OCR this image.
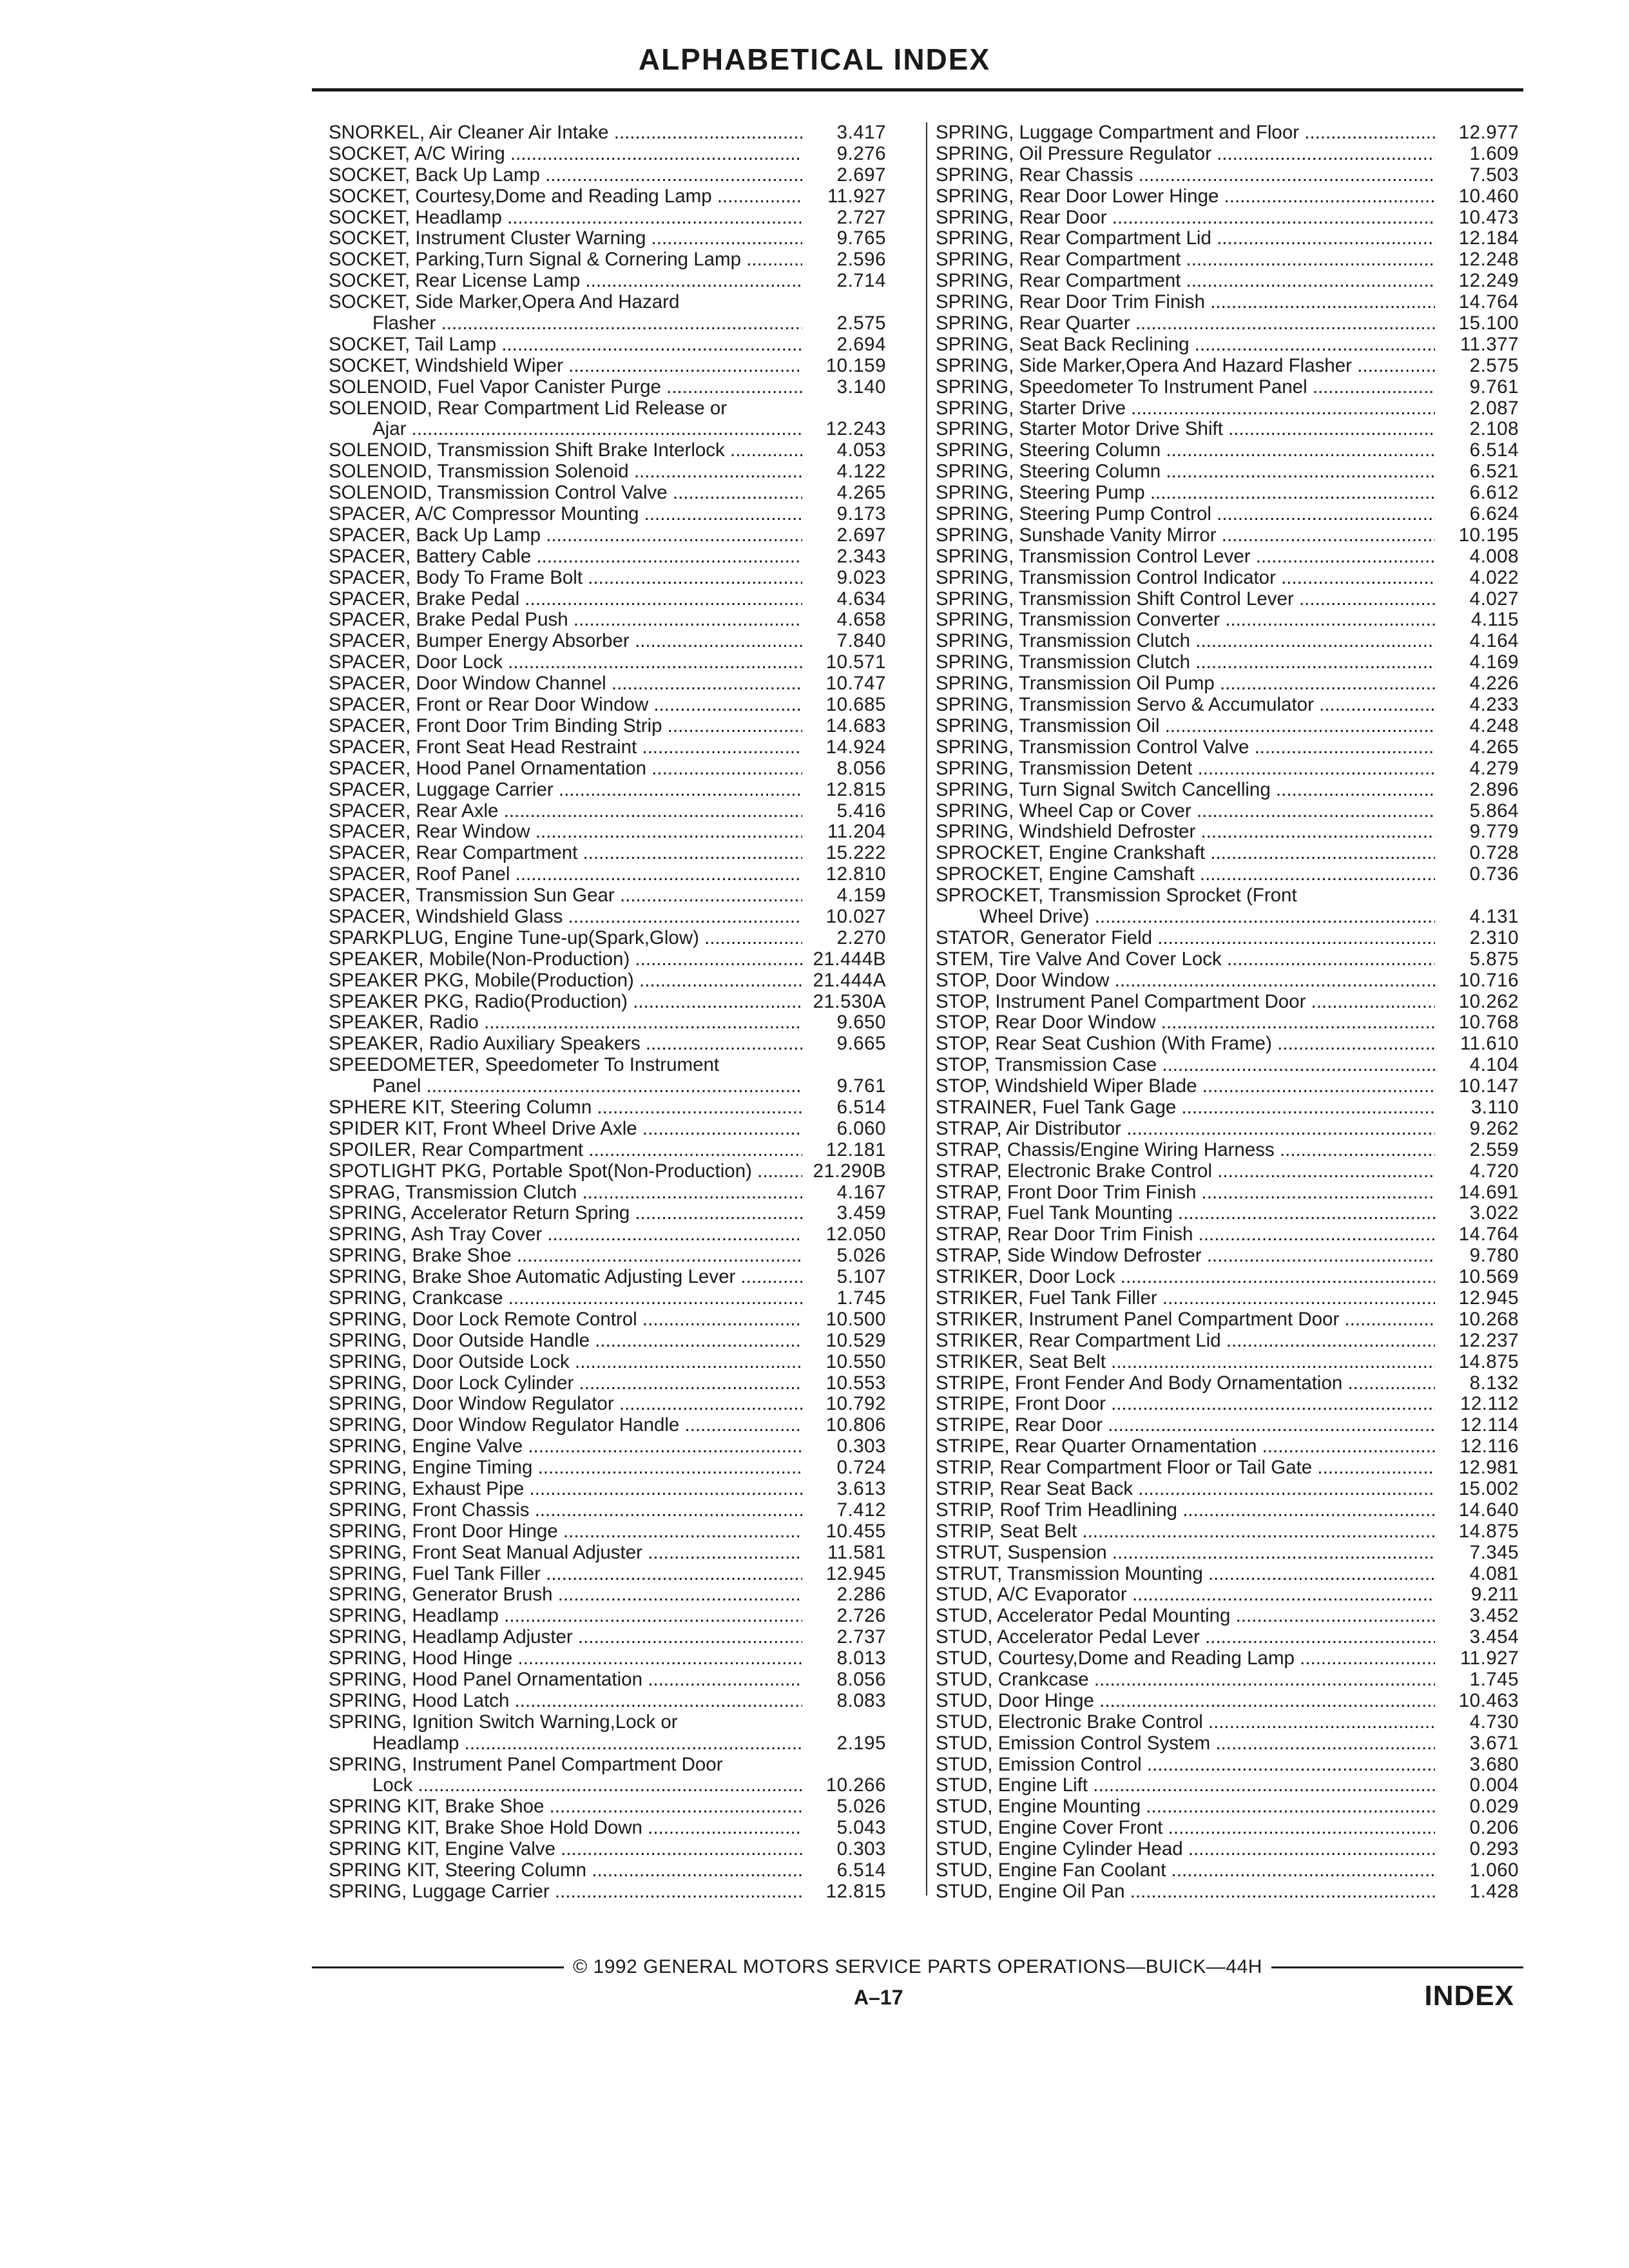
ALPHABETICAL INDEX
SNORKEL, Air Cleaner Air Intake .....	3.417
SOCKET, A/C Wiring .....	9.276
SOCKET, Back Up Lamp .....	2.697
SOCKET, Courtesy,Dome and Reading Lamp .....	11.927
SOCKET, Headlamp .....	2.727
SOCKET, Instrument Cluster Warning .....	9.765
SOCKET, Parking,Turn Signal & Cornering Lamp .....	2.596
SOCKET, Rear License Lamp .....	2.714
SOCKET, Side Marker,Opera And Hazard
Flasher .....	2.575
SOCKET, Tail Lamp .....	2.694
SOCKET, Windshield Wiper .....	10.159
SOLENOID, Fuel Vapor Canister Purge .....	3.140
SOLENOID, Rear Compartment Lid Release or
Ajar .....	12.243
SOLENOID, Transmission Shift Brake Interlock .....	4.053
SOLENOID, Transmission Solenoid .....	4.122
SOLENOID, Transmission Control Valve .....	4.265
SPACER, A/C Compressor Mounting .....	9.173
SPACER, Back Up Lamp .....	2.697
SPACER, Battery Cable .....	2.343
SPACER, Body To Frame Bolt .....	9.023
SPACER, Brake Pedal .....	4.634
SPACER, Brake Pedal Push .....	4.658
SPACER, Bumper Energy Absorber .....	7.840
SPACER, Door Lock .....	10.571
SPACER, Door Window Channel .....	10.747
SPACER, Front or Rear Door Window .....	10.685
SPACER, Front Door Trim Binding Strip .....	14.683
SPACER, Front Seat Head Restraint .....	14.924
SPACER, Hood Panel Ornamentation .....	8.056
SPACER, Luggage Carrier .....	12.815
SPACER, Rear Axle .....	5.416
SPACER, Rear Window .....	11.204
SPACER, Rear Compartment .....	15.222
SPACER, Roof Panel .....	12.810
SPACER, Transmission Sun Gear .....	4.159
SPACER, Windshield Glass .....	10.027
SPARKPLUG, Engine Tune-up(Spark,Glow) .....	2.270
SPEAKER, Mobile(Non-Production) .....	21.444B
SPEAKER PKG, Mobile(Production) .....	21.444A
SPEAKER PKG, Radio(Production) .....	21.530A
SPEAKER, Radio .....	9.650
SPEAKER, Radio Auxiliary Speakers .....	9.665
SPEEDOMETER, Speedometer To Instrument
Panel .....	9.761
SPHERE KIT, Steering Column .....	6.514
SPIDER KIT, Front Wheel Drive Axle .....	6.060
SPOILER, Rear Compartment .....	12.181
SPOTLIGHT PKG, Portable Spot(Non-Production) .....	21.290B
SPRAG, Transmission Clutch .....	4.167
SPRING, Accelerator Return Spring .....	3.459
SPRING, Ash Tray Cover .....	12.050
SPRING, Brake Shoe .....	5.026
SPRING, Brake Shoe Automatic Adjusting Lever .....	5.107
SPRING, Crankcase .....	1.745
SPRING, Door Lock Remote Control .....	10.500
SPRING, Door Outside Handle .....	10.529
SPRING, Door Outside Lock .....	10.550
SPRING, Door Lock Cylinder .....	10.553
SPRING, Door Window Regulator .....	10.792
SPRING, Door Window Regulator Handle .....	10.806
SPRING, Engine Valve .....	0.303
SPRING, Engine Timing .....	0.724
SPRING, Exhaust Pipe .....	3.613
SPRING, Front Chassis .....	7.412
SPRING, Front Door Hinge .....	10.455
SPRING, Front Seat Manual Adjuster .....	11.581
SPRING, Fuel Tank Filler .....	12.945
SPRING, Generator Brush .....	2.286
SPRING, Headlamp .....	2.726
SPRING, Headlamp Adjuster .....	2.737
SPRING, Hood Hinge .....	8.013
SPRING, Hood Panel Ornamentation .....	8.056
SPRING, Hood Latch .....	8.083
SPRING, Ignition Switch Warning,Lock or
Headlamp .....	2.195
SPRING, Instrument Panel Compartment Door
Lock .....	10.266
SPRING KIT, Brake Shoe .....	5.026
SPRING KIT, Brake Shoe Hold Down .....	5.043
SPRING KIT, Engine Valve .....	0.303
SPRING KIT, Steering Column .....	6.514
SPRING, Luggage Carrier .....	12.815
SPRING, Luggage Compartment and Floor .....	12.977
SPRING, Oil Pressure Regulator .....	1.609
SPRING, Rear Chassis .....	7.503
SPRING, Rear Door Lower Hinge .....	10.460
SPRING, Rear Door .....	10.473
SPRING, Rear Compartment Lid .....	12.184
SPRING, Rear Compartment .....	12.248
SPRING, Rear Compartment .....	12.249
SPRING, Rear Door Trim Finish .....	14.764
SPRING, Rear Quarter .....	15.100
SPRING, Seat Back Reclining .....	11.377
SPRING, Side Marker,Opera And Hazard Flasher .....	2.575
SPRING, Speedometer To Instrument Panel .....	9.761
SPRING, Starter Drive .....	2.087
SPRING, Starter Motor Drive Shift .....	2.108
SPRING, Steering Column .....	6.514
SPRING, Steering Column .....	6.521
SPRING, Steering Pump .....	6.612
SPRING, Steering Pump Control .....	6.624
SPRING, Sunshade Vanity Mirror .....	10.195
SPRING, Transmission Control Lever .....	4.008
SPRING, Transmission Control Indicator .....	4.022
SPRING, Transmission Shift Control Lever .....	4.027
SPRING, Transmission Converter .....	4.115
SPRING, Transmission Clutch .....	4.164
SPRING, Transmission Clutch .....	4.169
SPRING, Transmission Oil Pump .....	4.226
SPRING, Transmission Servo & Accumulator .....	4.233
SPRING, Transmission Oil .....	4.248
SPRING, Transmission Control Valve .....	4.265
SPRING, Transmission Detent .....	4.279
SPRING, Turn Signal Switch Cancelling .....	2.896
SPRING, Wheel Cap or Cover .....	5.864
SPRING, Windshield Defroster .....	9.779
SPROCKET, Engine Crankshaft .....	0.728
SPROCKET, Engine Camshaft .....	0.736
SPROCKET, Transmission Sprocket (Front
Wheel Drive) .....	4.131
STATOR, Generator Field .....	2.310
STEM, Tire Valve And Cover Lock .....	5.875
STOP, Door Window .....	10.716
STOP, Instrument Panel Compartment Door .....	10.262
STOP, Rear Door Window .....	10.768
STOP, Rear Seat Cushion (With Frame) .....	11.610
STOP, Transmission Case .....	4.104
STOP, Windshield Wiper Blade .....	10.147
STRAINER, Fuel Tank Gage .....	3.110
STRAP, Air Distributor .....	9.262
STRAP, Chassis/Engine Wiring Harness .....	2.559
STRAP, Electronic Brake Control .....	4.720
STRAP, Front Door Trim Finish .....	14.691
STRAP, Fuel Tank Mounting .....	3.022
STRAP, Rear Door Trim Finish .....	14.764
STRAP, Side Window Defroster .....	9.780
STRIKER, Door Lock .....	10.569
STRIKER, Fuel Tank Filler .....	12.945
STRIKER, Instrument Panel Compartment Door .....	10.268
STRIKER, Rear Compartment Lid .....	12.237
STRIKER, Seat Belt .....	14.875
STRIPE, Front Fender And Body Ornamentation .....	8.132
STRIPE, Front Door .....	12.112
STRIPE, Rear Door .....	12.114
STRIPE, Rear Quarter Ornamentation .....	12.116
STRIP, Rear Compartment Floor or Tail Gate .....	12.981
STRIP, Rear Seat Back .....	15.002
STRIP, Roof Trim Headlining .....	14.640
STRIP, Seat Belt .....	14.875
STRUT, Suspension .....	7.345
STRUT, Transmission Mounting .....	4.081
STUD, A/C Evaporator .....	9.211
STUD, Accelerator Pedal Mounting .....	3.452
STUD, Accelerator Pedal Lever .....	3.454
STUD, Courtesy,Dome and Reading Lamp .....	11.927
STUD, Crankcase .....	1.745
STUD, Door Hinge .....	10.463
STUD, Electronic Brake Control .....	4.730
STUD, Emission Control System .....	3.671
STUD, Emission Control .....	3.680
STUD, Engine Lift .....	0.004
STUD, Engine Mounting .....	0.029
STUD, Engine Cover Front .....	0.206
STUD, Engine Cylinder Head .....	0.293
STUD, Engine Fan Coolant .....	1.060
STUD, Engine Oil Pan .....	1.428
© 1992 GENERAL MOTORS SERVICE PARTS OPERATIONS—BUICK—44H
A–17	INDEX
